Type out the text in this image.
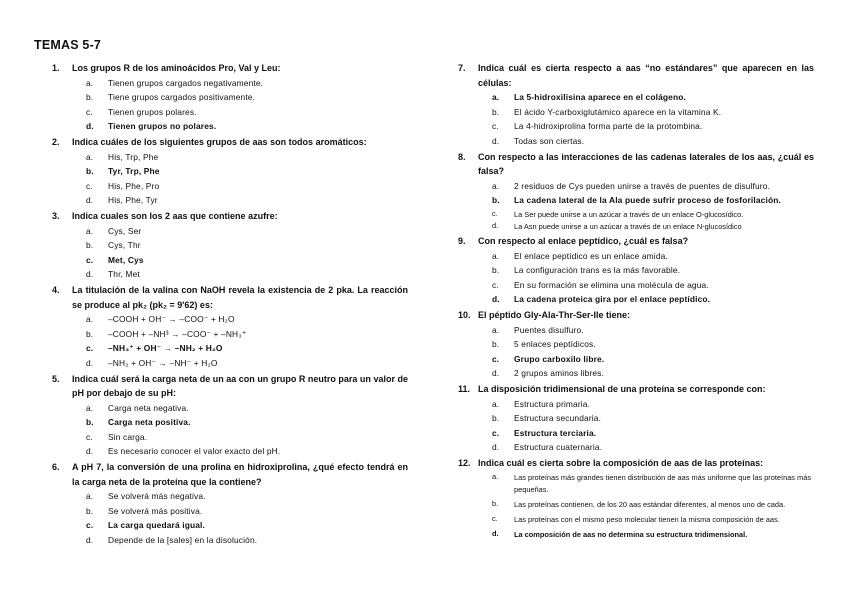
TEMAS 5-7
1.	Los grupos R de los aminoácidos Pro, Val y Leu:
a.	Tienen grupos cargados negativamente.
b.	Tiene grupos cargados positivamente.
c.	Tienen grupos polares.
d.	Tienen grupos no polares.
2.	Indica cuáles de los siguientes grupos de aas son todos aromáticos:
a.	His, Trp, Phe
b.	Tyr, Trp, Phe
c.	His, Phe, Pro
d.	His, Phe, Tyr
3.	Indica cuales son los 2 aas que contiene azufre:
a.	Cys, Ser
b.	Cys, Thr
c.	Met, Cys
d.	Thr, Met
4.	La titulación de la valina con NaOH revela la existencia de 2 pka. La reacción se produce al pk₂ (pk₂ = 9'62) es:
a.	–COOH + OH⁻ → –COO⁻ + H₂O
b.	–COOH + –NH³ → –COO⁻ + –NH₃⁺
c.	–NH₃⁺ + OH⁻ → –NH₂ + H₂O
d.	–NH₂ + OH⁻ → –NH⁻ + H₂O
5.	Indica cuál será la carga neta de un aa con un grupo R neutro para un valor de pH por debajo de su pH:
a.	Carga neta negativa.
b.	Carga neta positiva.
c.	Sin carga.
d.	Es necesario conocer el valor exacto del pH.
6.	A pH 7, la conversión de una prolina en hidroxiprolina, ¿qué efecto tendrá en la carga neta de la proteína que la contiene?
a.	Se volverá más negativa.
b.	Se volverá más positiva.
c.	La carga quedará igual.
d.	Depende de la [sales] en la disolución.
7.	Indica cuál es cierta respecto a aas “no estándares” que aparecen en las células:
a.	La 5-hidroxilisina aparece en el colágeno.
b.	El ácido Y-carboxiglutámico aparece en la vitamina K.
c.	La 4-hidroxiprolina forma parte de la protombina.
d.	Todas son ciertas.
8.	Con respecto a las interacciones de las cadenas laterales de los aas, ¿cuál es falsa?
a.	2 residuos de Cys pueden unirse a través de puentes de disulfuro.
b.	La cadena lateral de la Ala puede sufrir proceso de fosforilación.
c.	La Ser puede unirse a un azúcar a través de un enlace O-glucosídico.
d.	La Asn puede unirse a un azúcar a través de un enlace N-glucosídico
9.	Con respecto al enlace peptídico, ¿cuál es falsa?
a.	El enlace peptídico es un enlace amida.
b.	La configuración trans es la más favorable.
c.	En su formación se elimina una molécula de agua.
d.	La cadena proteica gira por el enlace peptídico.
10. El péptido Gly-Ala-Thr-Ser-Ile tiene:
a.	Puentes disulfuro.
b.	5 enlaces peptídicos.
c.	Grupo carboxilo libre.
d.	2 grupos aminos libres.
11. La disposición tridimensional de una proteína se corresponde con:
a.	Estructura primaria.
b.	Estructura secundaria.
c.	Estructura terciaria.
d.	Estructura cuaternaria.
12. Indica cuál es cierta sobre la composición de aas de las proteínas:
a.	Las proteínas más grandes tienen distribución de aas más uniforme que las proteínas más pequeñas.
b.	Las proteínas contienen, de los 20 aas estándar diferentes, al menos uno de cada.
c.	Las proteínas con el mismo peso molecular tienen la misma composición de aas.
d.	La composición de aas no determina su estructura tridimensional.
